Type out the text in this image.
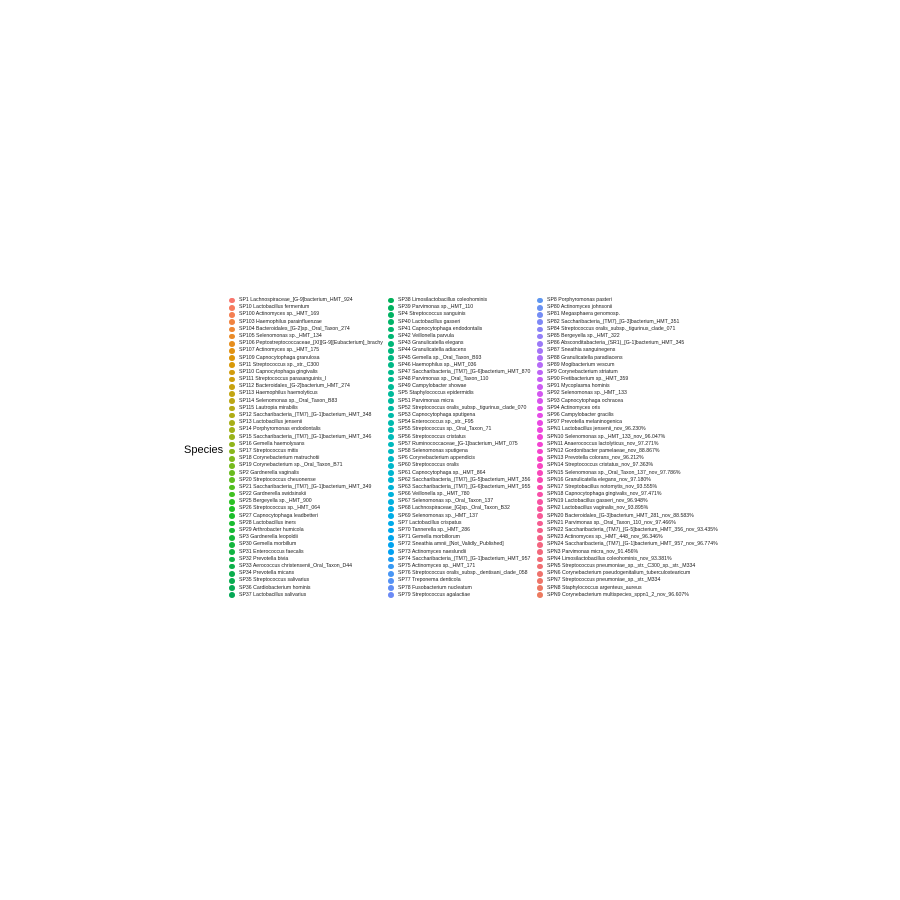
Species
SP1 Lachnospiraceae_[G-9]bacterium_HMT_924
SP10 Lactobacillus fermentum
SP100 Actinomyces sp._HMT_169
SP103 Haemophilus parainfluenzae
SP104 Bacteroidales_[G-2]sp._Oral_Taxon_274
SP105 Selenomonas sp._HMT_134
SP106 Peptostreptococcaceae_[XI][G-9][Eubacterium]_brachy
SP107 Actinomyces sp._HMT_175
SP109 Capnocytophaga granulosa
SP11 Streptococcus sp._str._C300
SP110 Capnocytophaga gingivalis
SP111 Streptococcus parasanguinis_I
SP112 Bacteroidales_[G-2]bacterium_HMT_274
SP113 Haemophilus haemolyticus
SP114 Selenomonas sp._Oral_Taxon_B83
SP115 Lautropia mirabilis
SP12 Saccharibacteria_(TM7)_[G-1]bacterium_HMT_348
SP13 Lactobacillus jensenii
SP14 Porphyromonas endodontalis
SP15 Saccharibacteria_(TM7)_[G-1]bacterium_HMT_346
SP16 Gemella haemolysans
SP17 Streptococcus mitis
SP18 Corynebacterium matruchotii
SP19 Corynebacterium sp._Oral_Taxon_B71
SP2 Gardnerella vaginalis
SP20 Streptococcus cheuonense
SP21 Saccharibacteria_(TM7)_[G-1]bacterium_HMT_349
SP22 Gardnerella swidsinskii
SP25 Bergeyella sp._HMT_900
SP26 Streptococcus sp._HMT_064
SP27 Capnocytophaga leadbetteri
SP28 Lactobacillus iners
SP29 Arthrobacter humicola
SP3 Gardnerella leopoldii
SP30 Gemella morbillum
SP31 Enterococcus faecalis
SP32 Prevotella bivia
SP33 Aerococcus christensenii_Oral_Taxon_D44
SP34 Prevotella micans
SP35 Streptococcus salivarius
SP36 Cardiobacterium hominis
SP37 Lactobacillus salivarius
SP38 Limosilactobacillus coleohominis
SP39 Parvimonas sp._HMT_110
SP4 Streptococcus sanguinis
SP40 Lactobacillus gasseri
SP41 Capnocytophaga endodontalis
SP42 Veillonella parvula
SP43 Granulicatella elegans
SP44 Granulicatella adiacens
SP45 Gemella sp._Oral_Taxon_B93
SP46 Haemophilus sp._HMT_036
SP47 Saccharibacteria_(TM7)_[G-6]bacterium_HMT_870
SP48 Parvimonas sp._Oral_Taxon_110
SP49 Campylobacter showae
SP5 Staphylococcus epidermidis
SP51 Parvimonas micra
SP52 Streptococcus oralis_subsp._tigurinus_clade_070
SP53 Capnocytophaga sputigena
SP54 Enterococcus sp._str._F95
SP55 Streptococcus sp._Oral_Taxon_71
SP56 Streptococcus cristatus
SP57 Ruminococcaceae_[G-1]bacterium_HMT_075
SP58 Selenomonas sputigena
SP6 Corynebacterium appendicis
SP60 Streptococcus oralis
SP61 Capnocytophaga sp._HMT_864
SP62 Saccharibacteria_(TM7)_[G-5]bacterium_HMT_356
SP63 Saccharibacteria_(TM7)_[G-6]bacterium_HMT_955
SP66 Veillonella sp._HMT_780
SP67 Selenomonas sp._Oral_Taxon_137
SP68 Lachnospiraceae_[G]sp._Oral_Taxon_B32
SP69 Selenomonas sp._HMT_137
SP7 Lactobacillus crispatus
SP70 Tannerella sp._HMT_286
SP71 Gemella morbillorum
SP72 Sneathia amnii_[Not_Validly_Published]
SP73 Actinomyces naeslundii
SP74 Saccharibacteria_(TM7)_[G-1]bacterium_HMT_957
SP75 Actinomyces sp._HMT_171
SP76 Streptococcus oralis_subsp._dentisani_clade_058
SP77 Treponema denticola
SP78 Fusobacterium nucleatum
SP79 Streptococcus agalactiae
SP8 Porphyromonas pasteri
SP80 Actinomyces johnsonii
SP81 Megasphaera genomosp.
SP82 Saccharibacteria_(TM7)_[G-3]bacterium_HMT_351
SP84 Streptococcus oralis_subsp._tigurinus_clade_071
SP85 Bergeyella sp._HMT_322
SP86 Absconditabacteria_(SR1)_[G-1]bacterium_HMT_345
SP87 Sneathia sanguinegens
SP88 Granulicatella paradiacens
SP89 Mogibacterium vescum
SP9 Corynebacterium striatum
SP90 Fretibacterium sp._HMT_359
SP91 Mycoplasma hominis
SP92 Selenomonas sp._HMT_133
SP93 Capnocytophaga ochracea
SP94 Actinomyces oris
SP96 Campylobacter gracilis
SP97 Prevotella melaninogenica
SPN1 Lactobacillus jensenii_nov_96.230%
SPN10 Selenomonas sp._HMT_133_nov_96.047%
SPN11 Anaerococcus lactolyticus_nov_97.271%
SPN12 Gordonibacter pamelaeae_nov_88.867%
SPN13 Prevotella colorans_nov_96.212%
SPN14 Streptococcus cristatus_nov_97.363%
SPN15 Selenomonas sp._Oral_Taxon_137_nov_97.786%
SPN16 Granulicatella elegans_nov_97.180%
SPN17 Streptobacillus notomytis_nov_93.555%
SPN18 Capnocytophaga gingivalis_nov_97.471%
SPN19 Lactobacillus gasseri_nov_96.948%
SPN2 Lactobacillus vaginalis_nov_93.895%
SPN20 Bacteroidales_[G-3]bacterium_HMT_281_nov_88.583%
SPN21 Parvimonas sp._Oral_Taxon_110_nov_97.466%
SPN22 Saccharibacteria_(TM7)_[G-5]bacterium_HMT_356_nov_93.435%
SPN23 Actinomyces sp._HMT_448_nov_96.346%
SPN24 Saccharibacteria_(TM7)_[G-1]bacterium_HMT_957_nov_96.774%
SPN3 Parvimonas micra_nov_91.456%
SPN4 Limosilactobacillus coleohominis_nov_93.381%
SPN5 Streptococcus pneumoniae_sp._str._C300_sp._str._M334
SPN6 Corynebacterium pseudogenitalium_tuberculostearicum
SPN7 Streptococcus pneumoniae_sp._str._M334
SPN8 Staphylococcus argenteus_aureus
SPN9 Corynebacterium multispecies_sppn1_2_nov_96.607%
